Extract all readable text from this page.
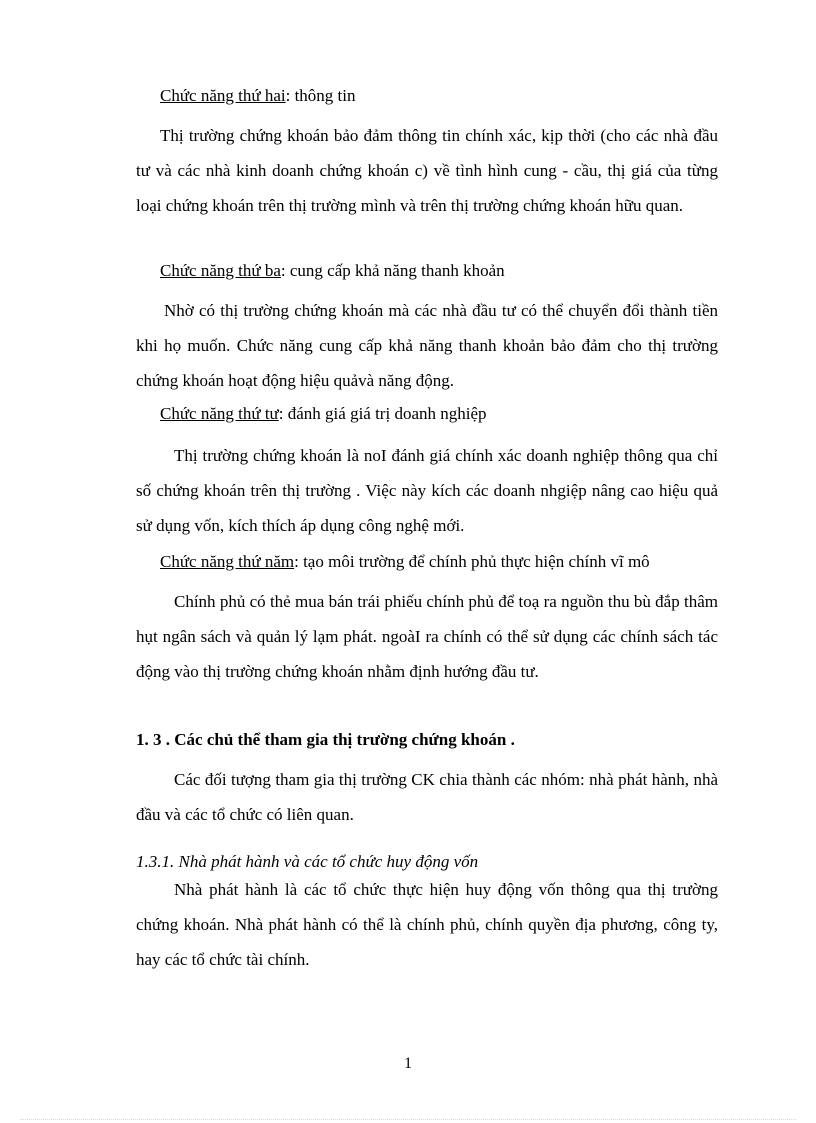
Chức năng thứ hai: thông tin
Thị trường chứng khoán bảo đảm thông tin chính xác, kịp thời (cho các nhà đầu tư và các nhà kinh doanh chứng khoán c) về tình hình cung - cầu, thị giá của từng loại chứng khoán trên thị trường mình và trên thị trường chứng khoán hữu quan.
Chức năng thứ ba: cung cấp khả năng thanh khoản
Nhờ có thị trường chứng khoán mà các nhà đầu tư có thể chuyển đổi thành tiền khi họ muốn. Chức năng cung cấp khả năng thanh khoản bảo đảm cho thị trường chứng khoán hoạt động hiệu quảvà năng động.
Chức năng thứ tư: đánh giá giá trị doanh nghiệp
Thị trường chứng khoán là noI đánh giá chính xác doanh nghiệp thông qua chỉ số chứng khoán trên thị trường . Việc này kích các doanh nhgiệp nâng cao hiệu quả sử dụng vốn, kích thích áp dụng công nghệ mới.
Chức năng thứ năm: tạo môi trường để chính phủ thực hiện chính vĩ mô
Chính phủ có thẻ mua bán trái phiếu chính phủ để toạ ra nguồn thu bù đắp thâm hụt ngân sách và quản lý lạm phát. ngoàI ra chính có thể sử dụng các chính sách tác động vào thị trường chứng khoán nhằm định hướng đầu tư.
1. 3 . Các chủ thể tham gia thị trường chứng khoán .
Các đối tượng tham gia thị trường CK chia thành các nhóm: nhà phát hành, nhà đầu và các tổ chức có liên quan.
1.3.1. Nhà phát hành và các tổ chức huy động vốn
Nhà phát hành là các tổ chức thực hiện huy động vốn thông qua thị trường chứng khoán. Nhà phát hành có thể là chính phủ, chính quyền địa phương, công ty, hay các tổ chức tài chính.
1
